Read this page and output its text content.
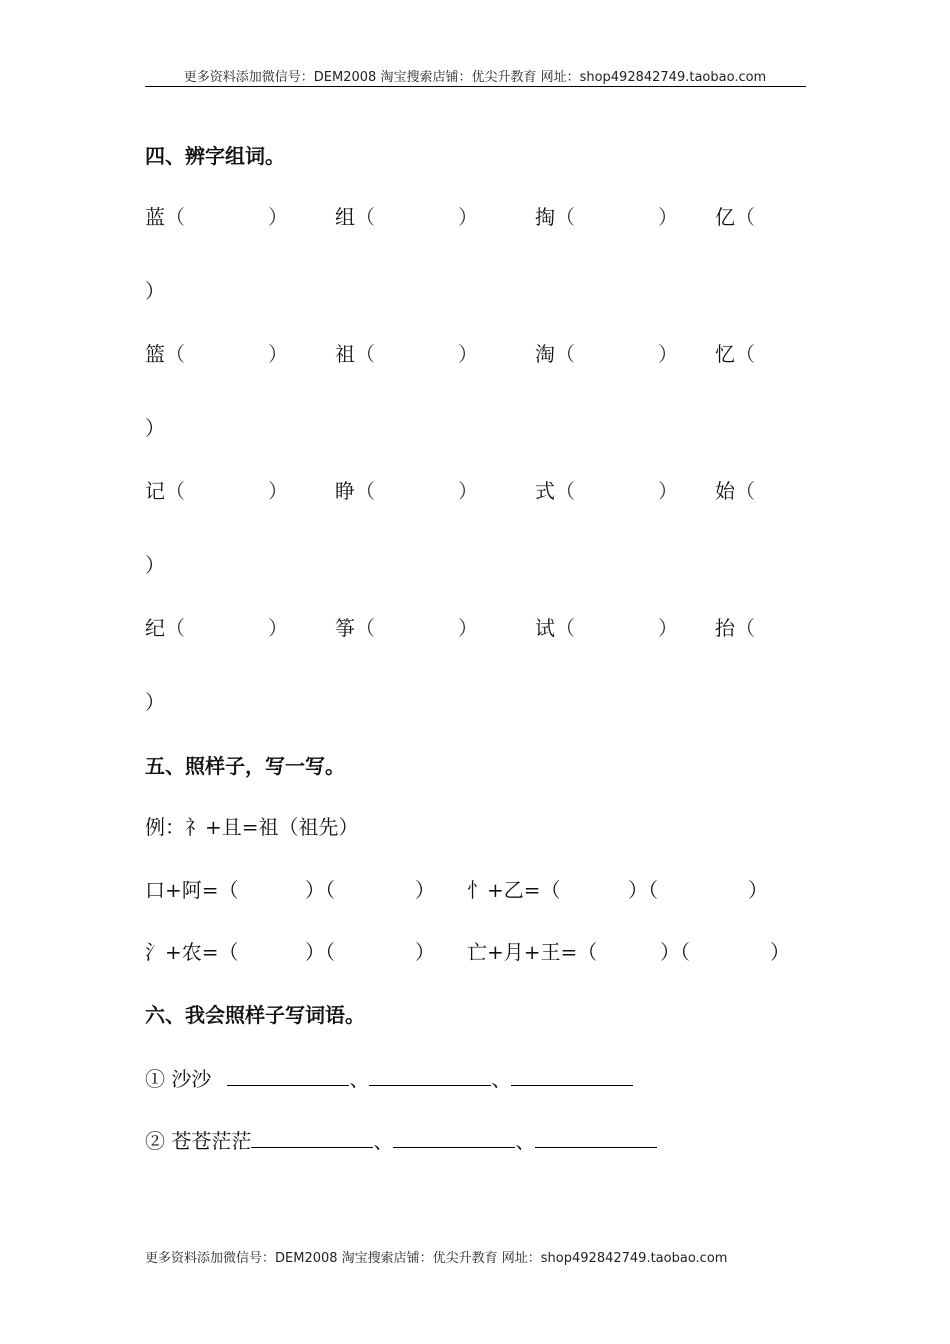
更多资料添加微信号：DEM2008 淘宝搜索店铺：优尖升教育 网址：shop492842749.taobao.com
四、辨字组词。
蓝（	） 组（	）	掏（	） 亿（
）
篮（	） 祖（	）	淘（	） 忆（
）
记（	） 睁（	）	式（	） 始（
）
纪（	） 筝（	）	试（	） 抬（
）
五、照样子，写一写。
例：礻+且=祖（祖先）
口+阿=（	）（	） 忄+乙=（	）（	）
氵+农=（	）（	） 亡+月+王=（	）（	）
六、我会照样子写词语。
① 沙沙	、	、
② 苍苍茫茫	、	、
更多资料添加微信号：DEM2008 淘宝搜索店铺：优尖升教育 网址：shop492842749.taobao.com
